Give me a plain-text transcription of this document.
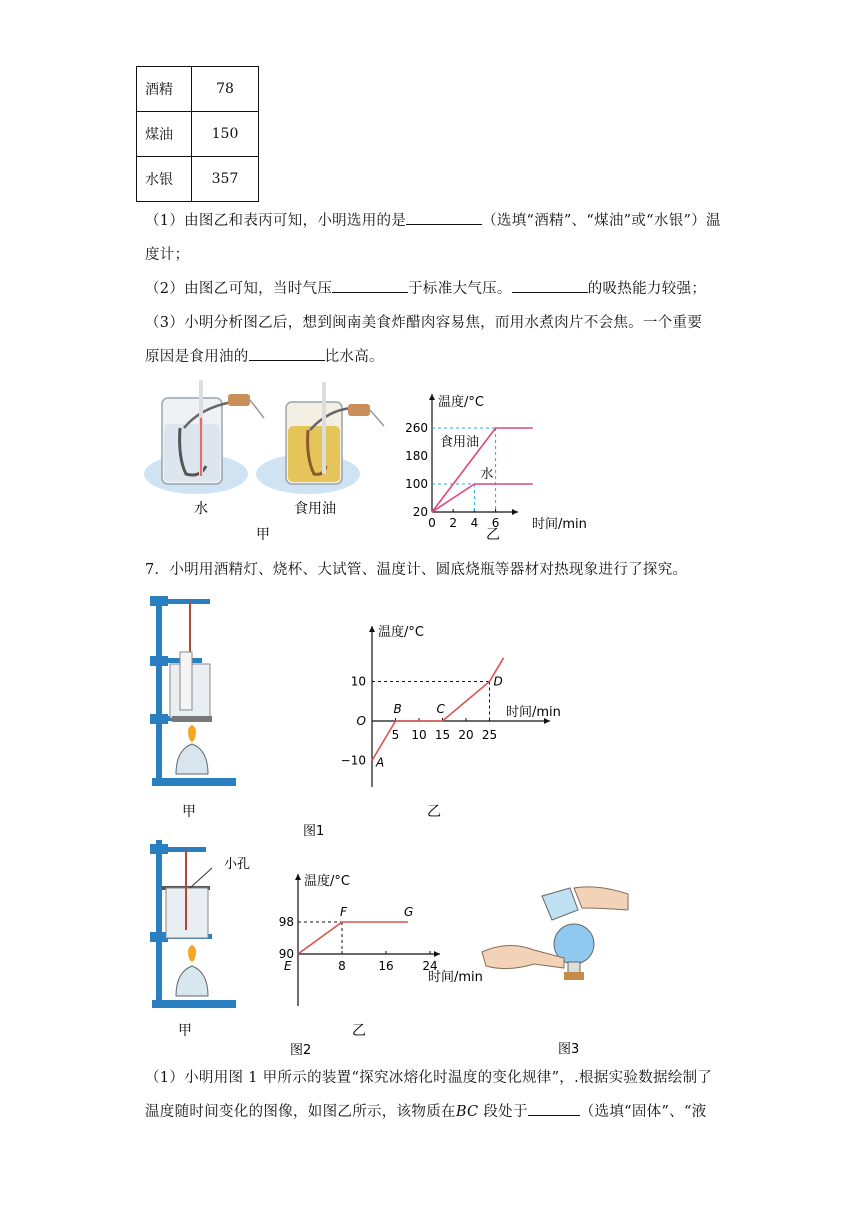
酒精	78
煤油	150
水银	357
（1）由图乙和表丙可知，小明选用的是	（选填“酒精”、“煤油”或“水银”）温
度计；
（2）由图乙可知，当时气压	于标准大气压。	的吸热能力较强；
（3）小明分析图乙后，想到闽南美食炸醋肉容易焦，而用水煮肉片不会焦。一个重要
原因是食用油的	比水高。
水	食用油
甲
温度/°C
时间/min
20
100
180
260
0 2 4 6
食用油
水
乙
7．小明用酒精灯、烧杯、大试管、温度计、圆底烧瓶等器材对热现象进行了探究。
甲
温度/°C
时间/min
5 10 15 20 25
10
O
−10 A
B	C
D
乙
图1
小孔
甲
温度/°C
时间/min
8	16 24
90
98
E
F	G
乙
图2	图3
（1）小明用图 1 甲所示的装置“探究冰熔化时温度的变化规律”，.根据实验数据绘制了
温度随时间变化的图像，如图乙所示，该物质在BC 段处于	（选填“固体”、“液
